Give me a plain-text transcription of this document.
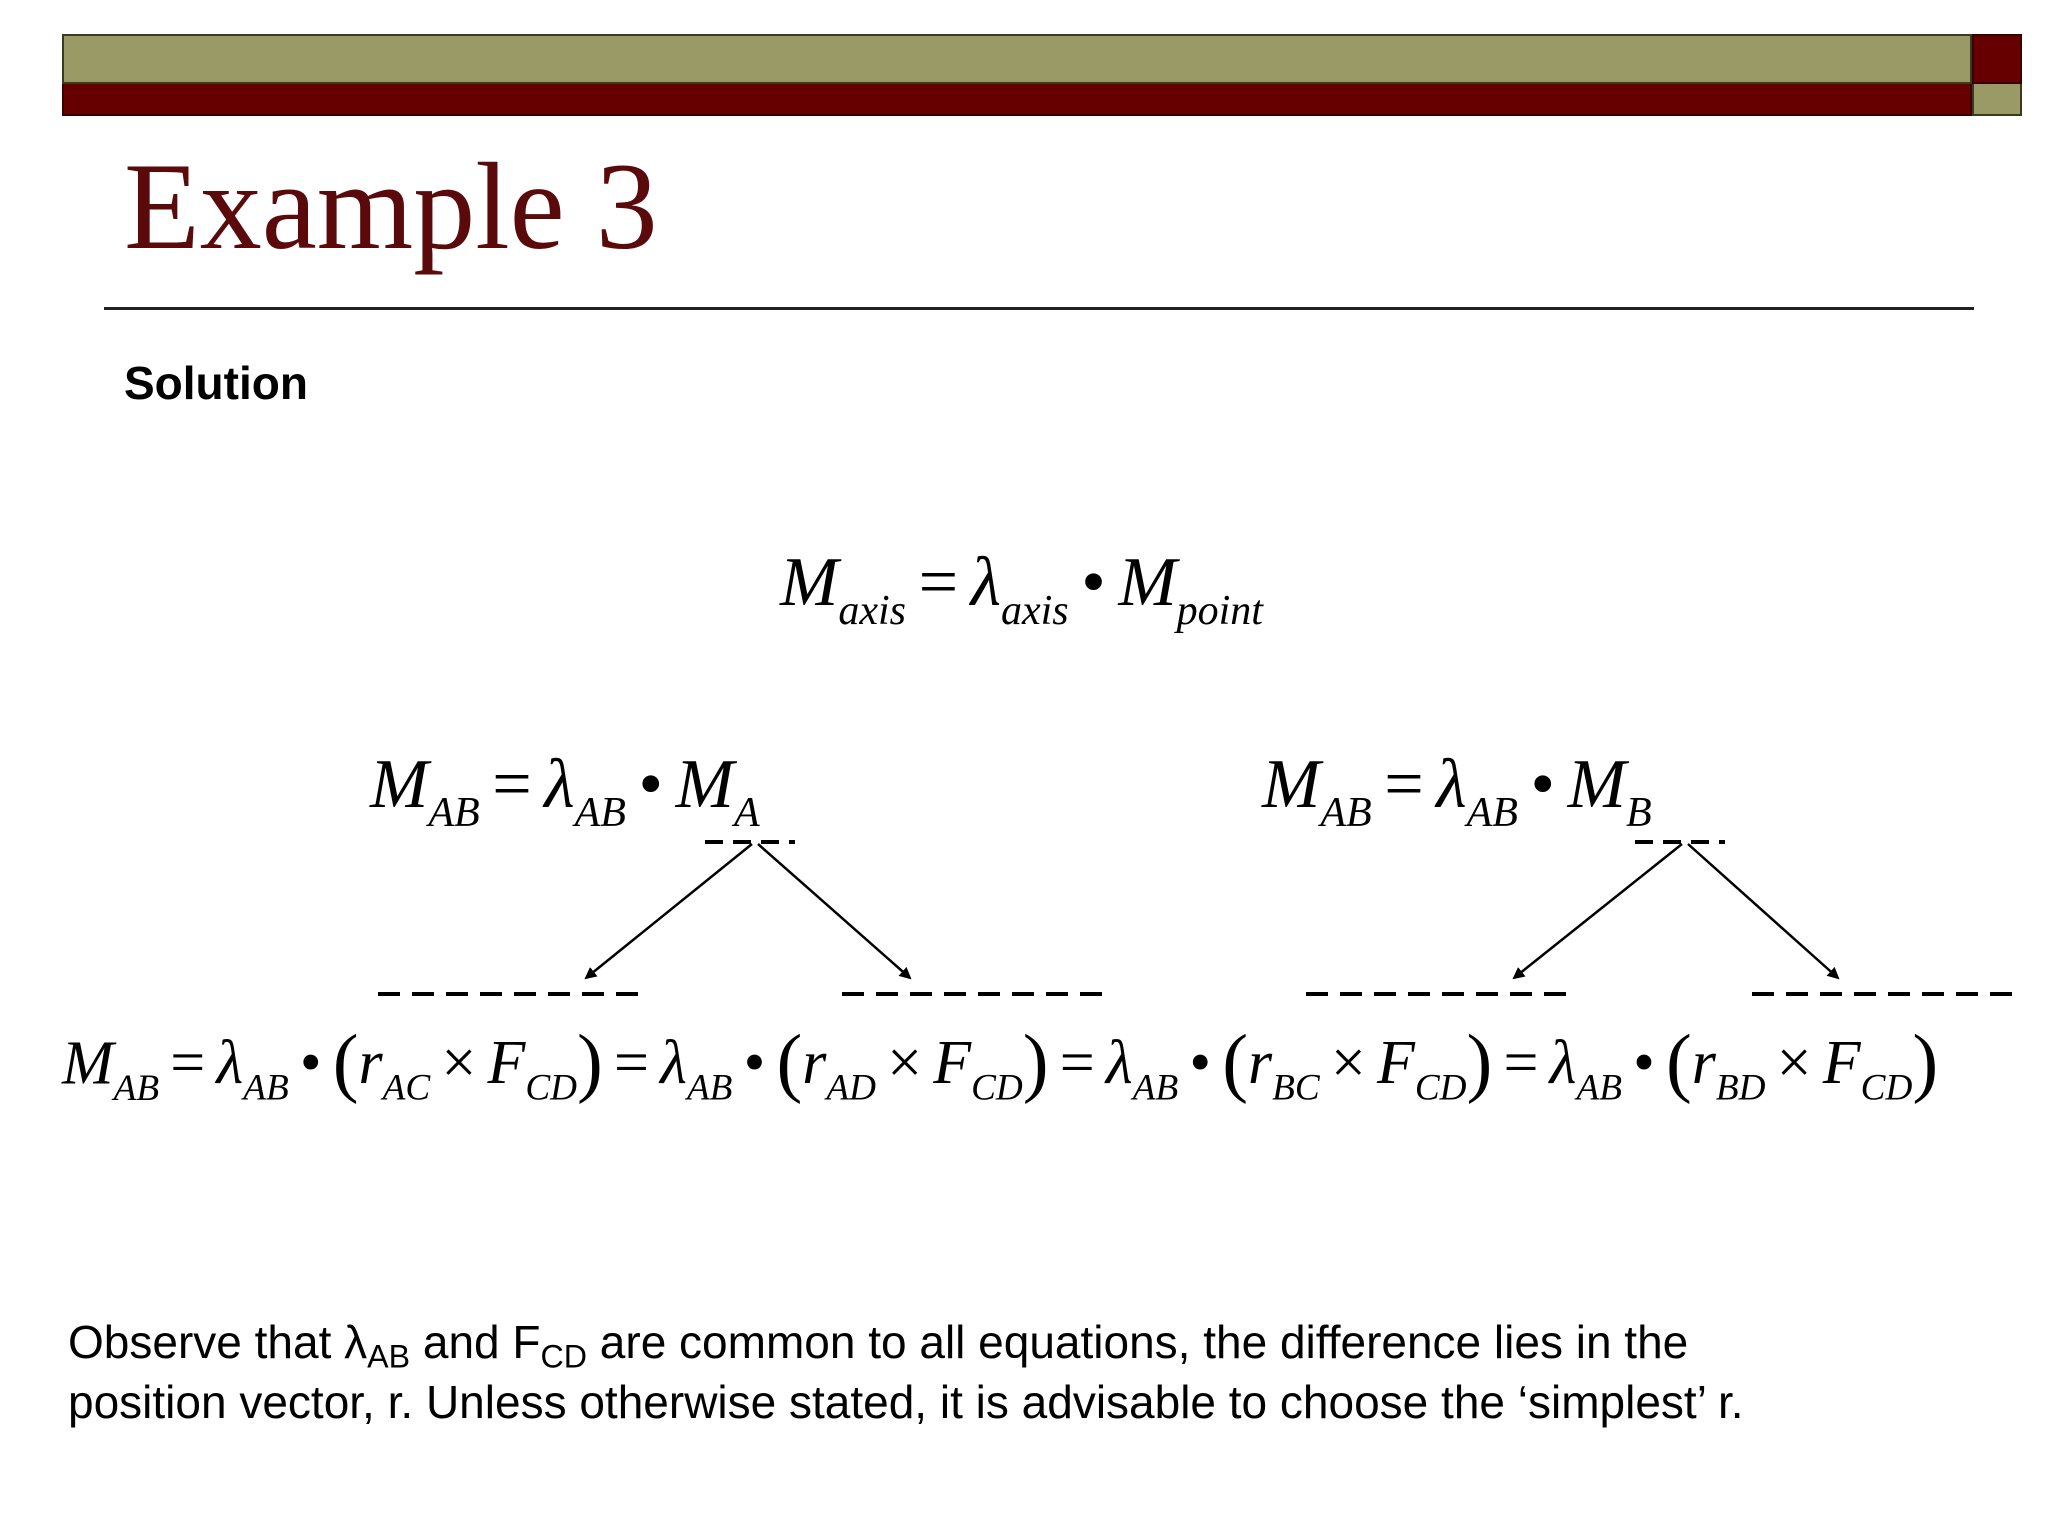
Example 3
Solution
$M_{axis} = \lambda_{axis}$ • $M_{point}$
$M_{AB} = \lambda_{AB}$ • $M_A$	$M_{AB} = \lambda_{AB}$ • $M_B$
$M_{AB} = \lambda_{AB}$ • $(r_{AC} \times F_{CD}) = \lambda_{AB}$ • $(r_{AD} \times F_{CD}) = \lambda_{AB}$ • $(r_{BC} \times F_{CD}) = \lambda_{AB}$ • $(r_{BD} \times F_{CD})$

Observe that $\lambda_{AB}$ and $F_{CD}$ are common to all equations, the difference lies in the

position vector, r. Unless otherwise stated, it is advisable to choose the ‘simplest’ r.
